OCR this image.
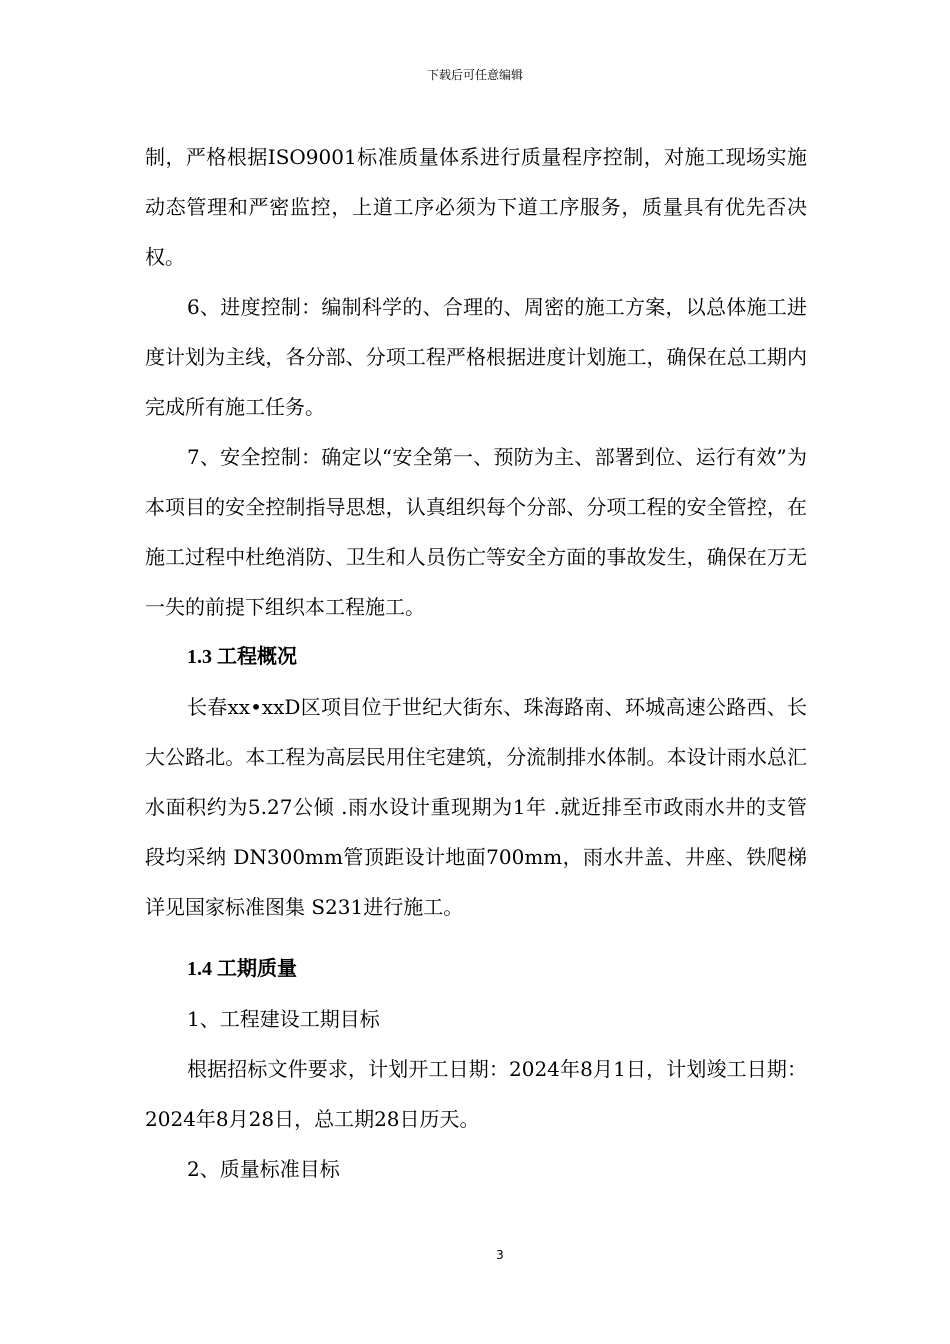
下载后可任意编辑

制，严格根据ISO9001标准质量体系进行质量程序控制，对施工现场实施动态管理和严密监控，上道工序必须为下道工序服务，质量具有优先否决权。

6、进度控制：编制科学的、合理的、周密的施工方案，以总体施工进度计划为主线，各分部、分项工程严格根据进度计划施工，确保在总工期内完成所有施工任务。

7、安全控制：确定以“安全第一、预防为主、部署到位、运行有效”为本项目的安全控制指导思想，认真组织每个分部、分项工程的安全管控，在施工过程中杜绝消防、卫生和人员伤亡等安全方面的事故发生，确保在万无一失的前提下组织本工程施工。

1.3 工程概况

长春xx•xxD区项目位于世纪大街东、珠海路南、环城高速公路西、长大公路北。本工程为高层民用住宅建筑，分流制排水体制。本设计雨水总汇水面积约为5.27公倾 .雨水设计重现期为1年 .就近排至市政雨水井的支管段均采纳 DN300mm管顶距设计地面700mm，雨水井盖、井座、铁爬梯详见国家标准图集 S231进行施工。

1.4 工期质量

1、工程建设工期目标

根据招标文件要求，计划开工日期：2024年8月1日，计划竣工日期：2024年8月28日，总工期28日历天。

2、质量标准目标

3
